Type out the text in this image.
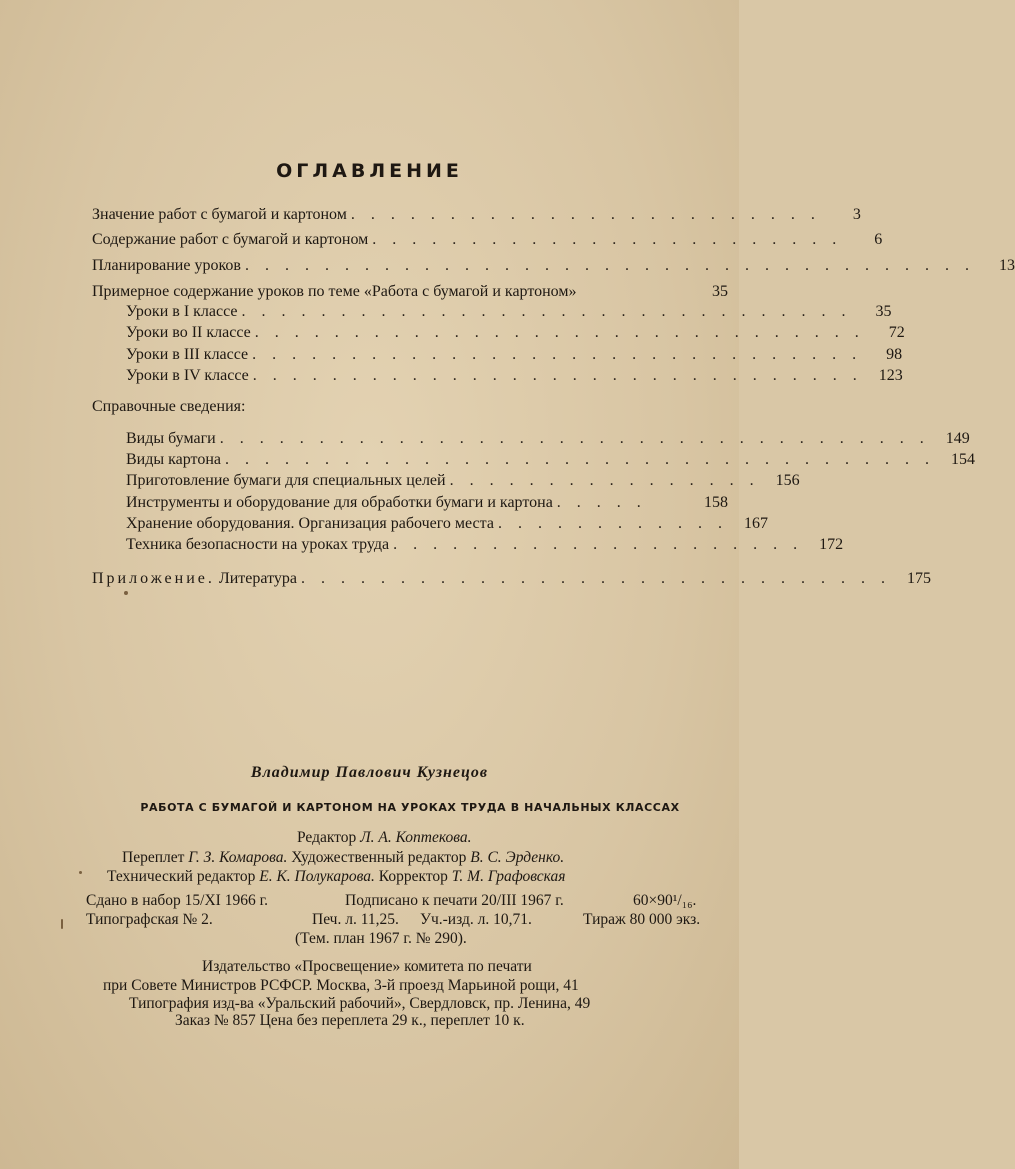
ОГЛАВЛЕНИЕ
Значение работ с бумагой и картоном . . . . . . . . . . . . . . . . . . . . . . . .	3
Содержание работ с бумагой и картоном . . . . . . . . . . . . . . . . . . . . . . . .	6
Планирование уроков . . . . . . . . . . . . . . . . . . . . . . . . . . . . . . . . . . . . .	13
Примерное содержание уроков по теме «Работа с бумагой и картоном»	35
Уроки в I классе . . . . . . . . . . . . . . . . . . . . . . . . . . . . . . .	35
Уроки во II классе . . . . . . . . . . . . . . . . . . . . . . . . . . . . . . .	72
Уроки в III классе . . . . . . . . . . . . . . . . . . . . . . . . . . . . . . .	98
Уроки в IV классе . . . . . . . . . . . . . . . . . . . . . . . . . . . . . . .	123
Справочные сведения:
Виды бумаги . . . . . . . . . . . . . . . . . . . . . . . . . . . . . . . . . . . .	149
Виды картона . . . . . . . . . . . . . . . . . . . . . . . . . . . . . . . . . . . .	154
Приготовление бумаги для специальных целей . . . . . . . . . . . . . . . .	156
Инструменты и оборудование для обработки бумаги и картона . . . . .	158
Хранение оборудования. Организация рабочего места . . . . . . . . . . . .	167
Техника безопасности на уроках труда . . . . . . . . . . . . . . . . . . . . .	172
Приложение. Литература . . . . . . . . . . . . . . . . . . . . . . . . . . . . . .	175
Владимир Павлович Кузнецов
РАБОТА С БУМАГОЙ И КАРТОНОМ НА УРОКАХ ТРУДА В НАЧАЛЬНЫХ КЛАССАХ
Редактор Л. А. Коптекова.
Переплет Г. З. Комарова. Художественный редактор В. С. Эрденко.
Технический редактор Е. К. Полукарова. Корректор Т. М. Графовская
Сдано в набор 15/XI 1966 г.	Подписано к печати 20/III 1967 г.	60×90¹/₁₆.
Типографская № 2.	Печ. л. 11,25. Уч.-изд. л. 10,71.	Тираж 80 000 экз.
(Тем. план 1967 г. № 290).
Издательство «Просвещение» комитета по печати
при Совете Министров РСФСР. Москва, 3-й проезд Марьиной рощи, 41
Типография изд-ва «Уральский рабочий», Свердловск, пр. Ленина, 49
Заказ № 857 Цена без переплета 29 к., переплет 10 к.
